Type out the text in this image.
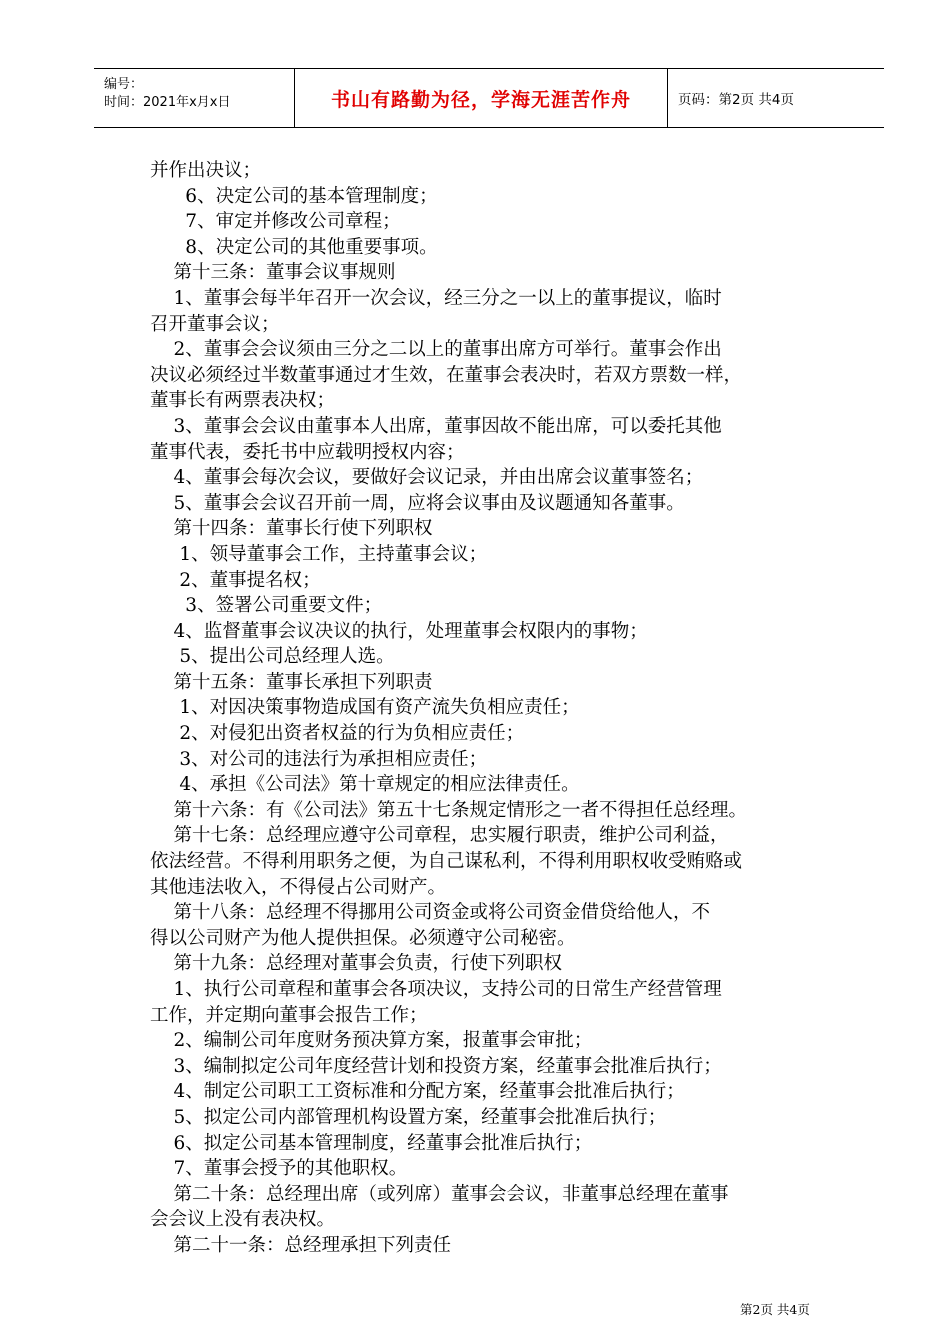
编号：
时间：2021年x月x日	书山有路勤为径，学海无涯苦作舟	页码：第2页 共4页

并作出决议；

6、决定公司的基本管理制度；

7、审定并修改公司章程；

8、决定公司的其他重要事项。

第十三条：董事会议事规则

1、董事会每半年召开一次会议，经三分之一以上的董事提议，临时

召开董事会议；

2、董事会会议须由三分之二以上的董事出席方可举行。董事会作出

决议必须经过半数董事通过才生效，在董事会表决时，若双方票数一样，

董事长有两票表决权；

3、董事会会议由董事本人出席，董事因故不能出席，可以委托其他

董事代表，委托书中应载明授权内容；

4、董事会每次会议，要做好会议记录，并由出席会议董事签名；

5、董事会会议召开前一周，应将会议事由及议题通知各董事。

第十四条：董事长行使下列职权

1、领导董事会工作，主持董事会议；

2、董事提名权；

3、签署公司重要文件；

4、监督董事会议决议的执行，处理董事会权限内的事物；

5、提出公司总经理人选。

第十五条：董事长承担下列职责

1、对因决策事物造成国有资产流失负相应责任；

2、对侵犯出资者权益的行为负相应责任；

3、对公司的违法行为承担相应责任；

4、承担《公司法》第十章规定的相应法律责任。

第十六条：有《公司法》第五十七条规定情形之一者不得担任总经理。

第十七条：总经理应遵守公司章程，忠实履行职责，维护公司利益，

依法经营。不得利用职务之便，为自己谋私利，不得利用职权收受贿赂或

其他违法收入，不得侵占公司财产。

第十八条：总经理不得挪用公司资金或将公司资金借贷给他人，不

得以公司财产为他人提供担保。必须遵守公司秘密。

第十九条：总经理对董事会负责，行使下列职权

1、执行公司章程和董事会各项决议，支持公司的日常生产经营管理

工作，并定期向董事会报告工作；

2、编制公司年度财务预决算方案，报董事会审批；

3、编制拟定公司年度经营计划和投资方案，经董事会批准后执行；

4、制定公司职工工资标准和分配方案，经董事会批准后执行；

5、拟定公司内部管理机构设置方案，经董事会批准后执行；

6、拟定公司基本管理制度，经董事会批准后执行；

7、董事会授予的其他职权。

第二十条：总经理出席（或列席）董事会会议，非董事总经理在董事

会会议上没有表决权。

第二十一条：总经理承担下列责任

第2页 共4页
